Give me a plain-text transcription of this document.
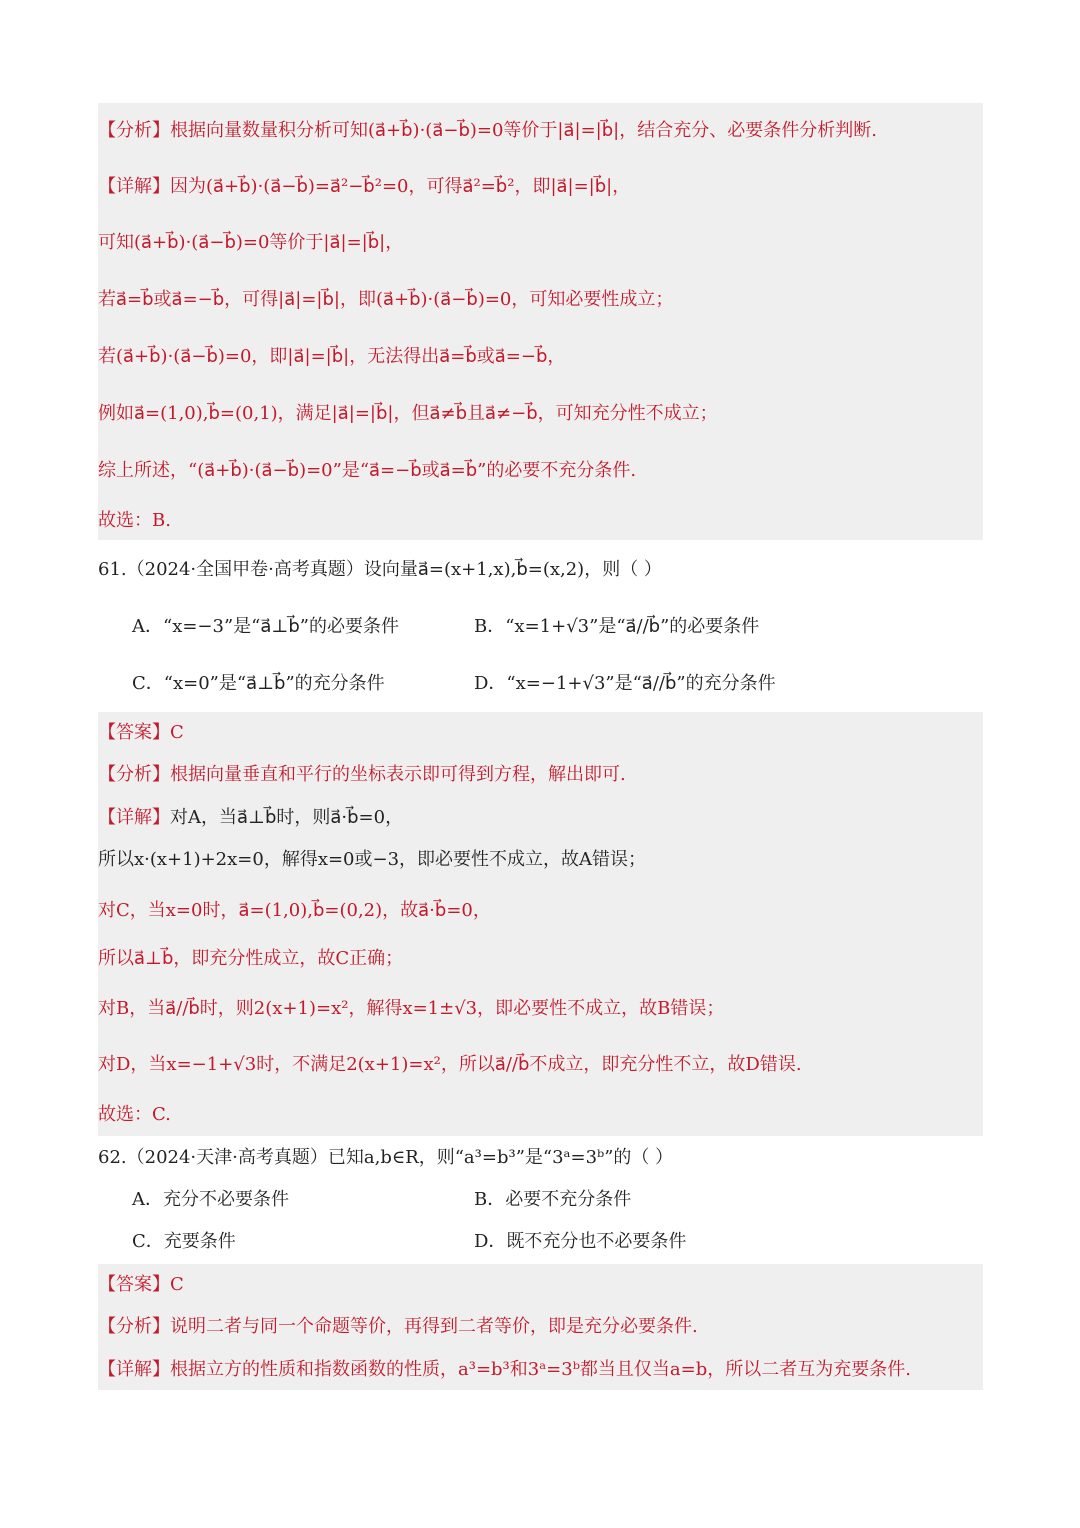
【分析】根据向量数量积分析可知(a⃗+b⃗)·(a⃗−b⃗)=0等价于|a⃗|=|b⃗|，结合充分、必要条件分析判断.
【详解】因为(a⃗+b⃗)·(a⃗−b⃗)=a⃗²−b⃗²=0，可得a⃗²=b⃗²，即|a⃗|=|b⃗|，
可知(a⃗+b⃗)·(a⃗−b⃗)=0等价于|a⃗|=|b⃗|，
若a⃗=b⃗或a⃗=−b⃗，可得|a⃗|=|b⃗|，即(a⃗+b⃗)·(a⃗−b⃗)=0，可知必要性成立；
若(a⃗+b⃗)·(a⃗−b⃗)=0，即|a⃗|=|b⃗|，无法得出a⃗=b⃗或a⃗=−b⃗，
例如a⃗=(1,0),b⃗=(0,1)，满足|a⃗|=|b⃗|，但a⃗≠b⃗且a⃗≠−b⃗，可知充分性不成立；
综上所述，“(a⃗+b⃗)·(a⃗−b⃗)=0”是“a⃗=−b⃗或a⃗=b⃗”的必要不充分条件.
故选：B.
61.（2024·全国甲卷·高考真题）设向量a⃗=(x+1,x),b⃗=(x,2)，则（ ）
A．“x=−3”是“a⃗⊥b⃗”的必要条件	B．“x=1+√3”是“a⃗//b⃗”的必要条件
C．“x=0”是“a⃗⊥b⃗”的充分条件	D．“x=−1+√3”是“a⃗//b⃗”的充分条件
【答案】C
【分析】根据向量垂直和平行的坐标表示即可得到方程，解出即可.
【详解】对A，当a⃗⊥b⃗时，则a⃗·b⃗=0，
所以x·(x+1)+2x=0，解得x=0或−3，即必要性不成立，故A错误；
对C，当x=0时，a⃗=(1,0),b⃗=(0,2)，故a⃗·b⃗=0，
所以a⃗⊥b⃗，即充分性成立，故C正确；
对B，当a⃗//b⃗时，则2(x+1)=x²，解得x=1±√3，即必要性不成立，故B错误；
对D，当x=−1+√3时，不满足2(x+1)=x²，所以a⃗//b⃗不成立，即充分性不立，故D错误.
故选：C.
62.（2024·天津·高考真题）已知a,b∈R，则“a³=b³”是“3ᵃ=3ᵇ”的（ ）
A．充分不必要条件	B．必要不充分条件
C．充要条件	D．既不充分也不必要条件
【答案】C
【分析】说明二者与同一个命题等价，再得到二者等价，即是充分必要条件.
【详解】根据立方的性质和指数函数的性质，a³=b³和3ᵃ=3ᵇ都当且仅当a=b，所以二者互为充要条件.
